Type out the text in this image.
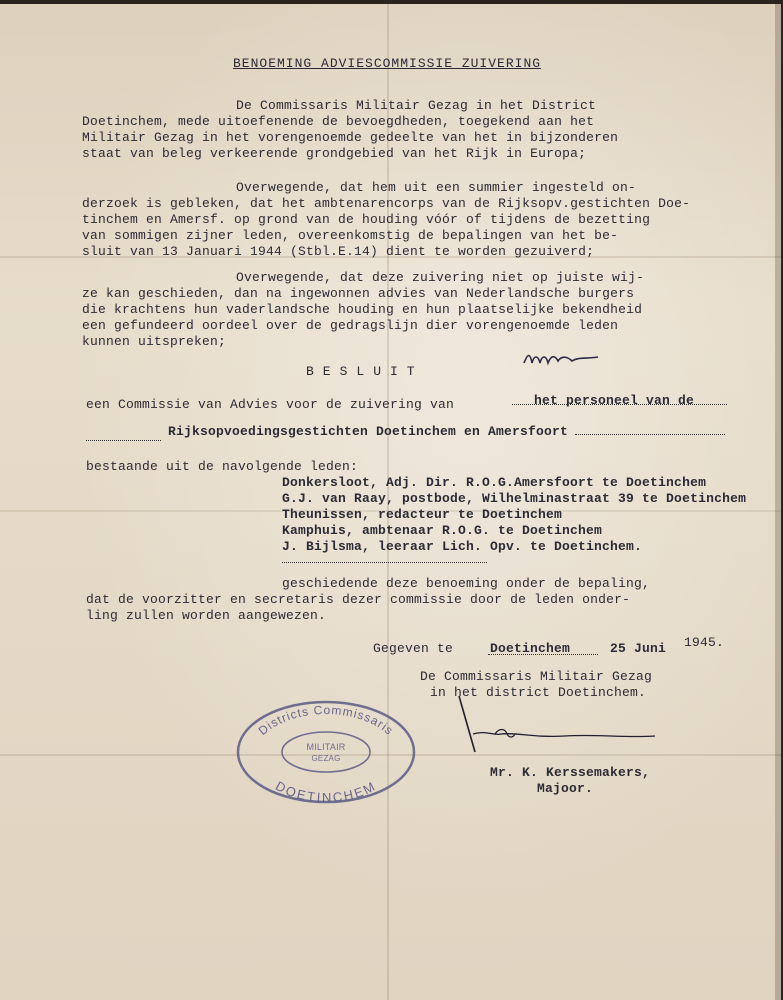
BENOEMING ADVIESCOMMISSIE ZUIVERING
De Commissaris Militair Gezag in het District
Doetinchem, mede uitoefenende de bevoegdheden, toegekend aan het
Militair Gezag in het vorengenoemde gedeelte van het in bijzonderen
staat van beleg verkeerende grondgebied van het Rijk in Europa;
Overwegende, dat hem uit een summier ingesteld on-
derzoek is gebleken, dat het ambtenarencorps van de Rijksopv.gestichten Doe-
tinchem en Amersf. op grond van de houding vóór of tijdens de bezetting
van sommigen zijner leden, overeenkomstig de bepalingen van het be-
sluit van 13 Januari 1944 (Stbl.E.14) dient te worden gezuiverd;
Overwegende, dat deze zuivering niet op juiste wij-
ze kan geschieden, dan na ingewonnen advies van Nederlandsche burgers
die krachtens hun vaderlandsche houding en hun plaatselijke bekendheid
een gefundeerd oordeel over de gedragslijn dier vorengenoemde leden
kunnen uitspreken;
BESLUIT
een Commissie van Advies voor de zuivering van	het personeel van de
Rijksopvoedingsgestichten Doetinchem en Amersfoort
bestaande uit de navolgende leden:
Donkersloot, Adj. Dir. R.O.G.Amersfoort te Doetinchem
G.J. van Raay, postbode, Wilhelminastraat 39 te Doetinchem
Theunissen, redacteur te Doetinchem
Kamphuis, ambtenaar R.O.G. te Doetinchem
J. Bijlsma, leeraar Lich. Opv. te Doetinchem.
geschiedende deze benoeming onder de bepaling,
dat de voorzitter en secretaris dezer commissie door de leden onder-
ling zullen worden aangewezen.
Gegeven te	Doetinchem	25 Juni 1945.
De Commissaris Militair Gezag
in het district Doetinchem.
Mr. K. Kerssemakers,
Majoor.
Districts Commissaris
DOETINCHEM
MILITAIR
GEZAG
